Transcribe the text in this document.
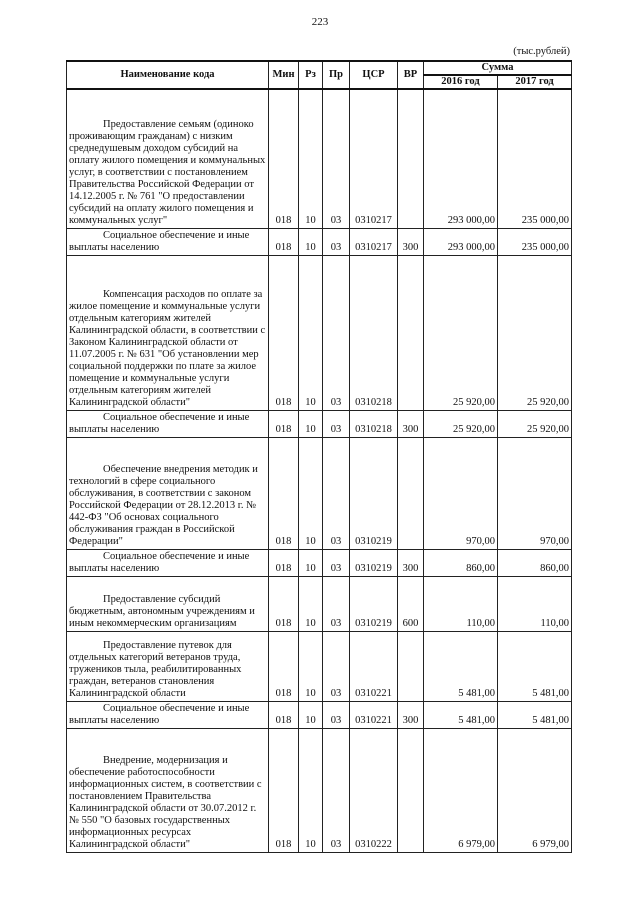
223
(тыс.рублей)
Наименование кода	Мин	Рз	Пр	ЦСР	ВР	Сумма	
						2016 год	2017 год
Предоставление семьям (одиноко проживающим гражданам) с низким среднедушевым доходом субсидий на оплату жилого помещения и коммунальных услуг, в соответствии с постановлением Правительства Российской Федерации от 14.12.2005 г. № 761 "О предоставлении субсидий на оплату жилого помещения и коммунальных услуг"	018	10	03	0310217		293 000,00	235 000,00
Социальное обеспечение и иные выплаты населению	018	10	03	0310217	300	293 000,00	235 000,00
Компенсация расходов по оплате за жилое помещение и коммунальные услуги отдельным категориям жителей Калининградской области, в соответствии с Законом Калининградской области от 11.07.2005 г. № 631 "Об установлении мер социальной поддержки по плате за жилое помещение и коммунальные услуги отдельным категориям жителей Калининградской области"	018	10	03	0310218		25 920,00	25 920,00
Социальное обеспечение и иные выплаты населению	018	10	03	0310218	300	25 920,00	25 920,00
Обеспечение внедрения методик и технологий в сфере социального обслуживания, в соответствии с законом Российской Федерации от 28.12.2013 г. № 442-ФЗ "Об основах социального обслуживания граждан в Российской Федерации"	018	10	03	0310219		970,00	970,00
Социальное обеспечение и иные выплаты населению	018	10	03	0310219	300	860,00	860,00
Предоставление субсидий бюджетным, автономным учреждениям и иным некоммерческим организациям	018	10	03	0310219	600	110,00	110,00
Предоставление путевок для отдельных категорий ветеранов труда, тружеников тыла, реабилитированных граждан, ветеранов становления Калининградской области	018	10	03	0310221		5 481,00	5 481,00
Социальное обеспечение и иные выплаты населению	018	10	03	0310221	300	5 481,00	5 481,00
Внедрение, модернизация и обеспечение работоспособности информационных систем, в соответствии с постановлением Правительства Калининградской области от 30.07.2012 г. № 550 "О базовых государственных информационных ресурсах Калининградской области"	018	10	03	0310222		6 979,00	6 979,00
